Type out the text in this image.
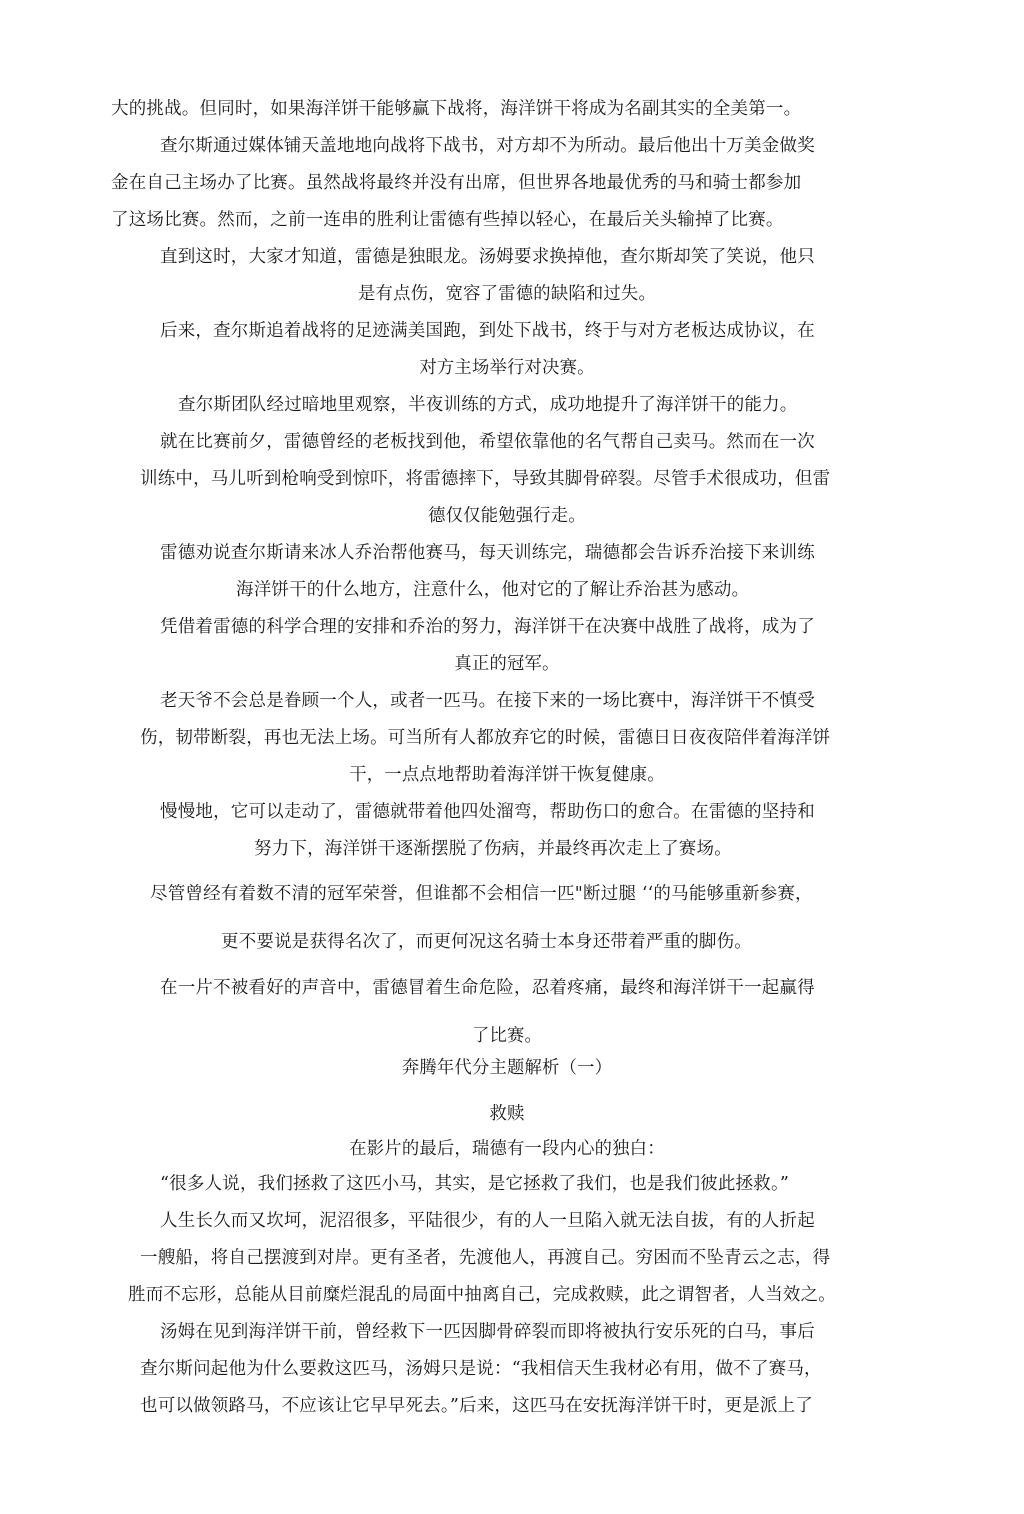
大的挑战。但同时，如果海洋饼干能够赢下战将，海洋饼干将成为名副其实的全美第一。
查尔斯通过媒体铺天盖地地向战将下战书，对方却不为所动。最后他出十万美金做奖
金在自己主场办了比赛。虽然战将最终并没有出席，但世界各地最优秀的马和骑士都参加
了这场比赛。然而，之前一连串的胜利让雷德有些掉以轻心，在最后关头输掉了比赛。
直到这时，大家才知道，雷德是独眼龙。汤姆要求换掉他，查尔斯却笑了笑说，他只
是有点伤，宽容了雷德的缺陷和过失。
后来，查尔斯追着战将的足迹满美国跑，到处下战书，终于与对方老板达成协议，在
对方主场举行对决赛。
查尔斯团队经过暗地里观察，半夜训练的方式，成功地提升了海洋饼干的能力。
就在比赛前夕，雷德曾经的老板找到他，希望依靠他的名气帮自己卖马。然而在一次
训练中，马儿听到枪响受到惊吓，将雷德摔下，导致其脚骨碎裂。尽管手术很成功，但雷
德仅仅能勉强行走。
雷德劝说查尔斯请来冰人乔治帮他赛马，每天训练完，瑞德都会告诉乔治接下来训练
海洋饼干的什么地方，注意什么，他对它的了解让乔治甚为感动。
凭借着雷德的科学合理的安排和乔治的努力，海洋饼干在决赛中战胜了战将，成为了
真正的冠军。
老天爷不会总是眷顾一个人，或者一匹马。在接下来的一场比赛中，海洋饼干不慎受
伤，韧带断裂，再也无法上场。可当所有人都放弃它的时候，雷德日日夜夜陪伴着海洋饼
干，一点点地帮助着海洋饼干恢复健康。
慢慢地，它可以走动了，雷德就带着他四处溜弯，帮助伤口的愈合。在雷德的坚持和
努力下，海洋饼干逐渐摆脱了伤病，并最终再次走上了赛场。
尽管曾经有着数不清的冠军荣誉，但谁都不会相信一匹"断过腿 ‘‘的马能够重新参赛，
更不要说是获得名次了，而更何况这名骑士本身还带着严重的脚伤。
在一片不被看好的声音中，雷德冒着生命危险，忍着疼痛，最终和海洋饼干一起赢得
了比赛。
奔腾年代分主题解析（一）
救赎
在影片的最后，瑞德有一段内心的独白：
“很多人说，我们拯救了这匹小马，其实，是它拯救了我们，也是我们彼此拯救。”
人生长久而又坎坷，泥沼很多，平陆很少，有的人一旦陷入就无法自拔，有的人折起
一艘船，将自己摆渡到对岸。更有圣者，先渡他人，再渡自己。穷困而不坠青云之志，得
胜而不忘形，总能从目前糜烂混乱的局面中抽离自己，完成救赎，此之谓智者，人当效之。
汤姆在见到海洋饼干前，曾经救下一匹因脚骨碎裂而即将被执行安乐死的白马，事后
查尔斯问起他为什么要救这匹马，汤姆只是说：“我相信天生我材必有用，做不了赛马，
也可以做领路马，不应该让它早早死去。”后来，这匹马在安抚海洋饼干时，更是派上了
